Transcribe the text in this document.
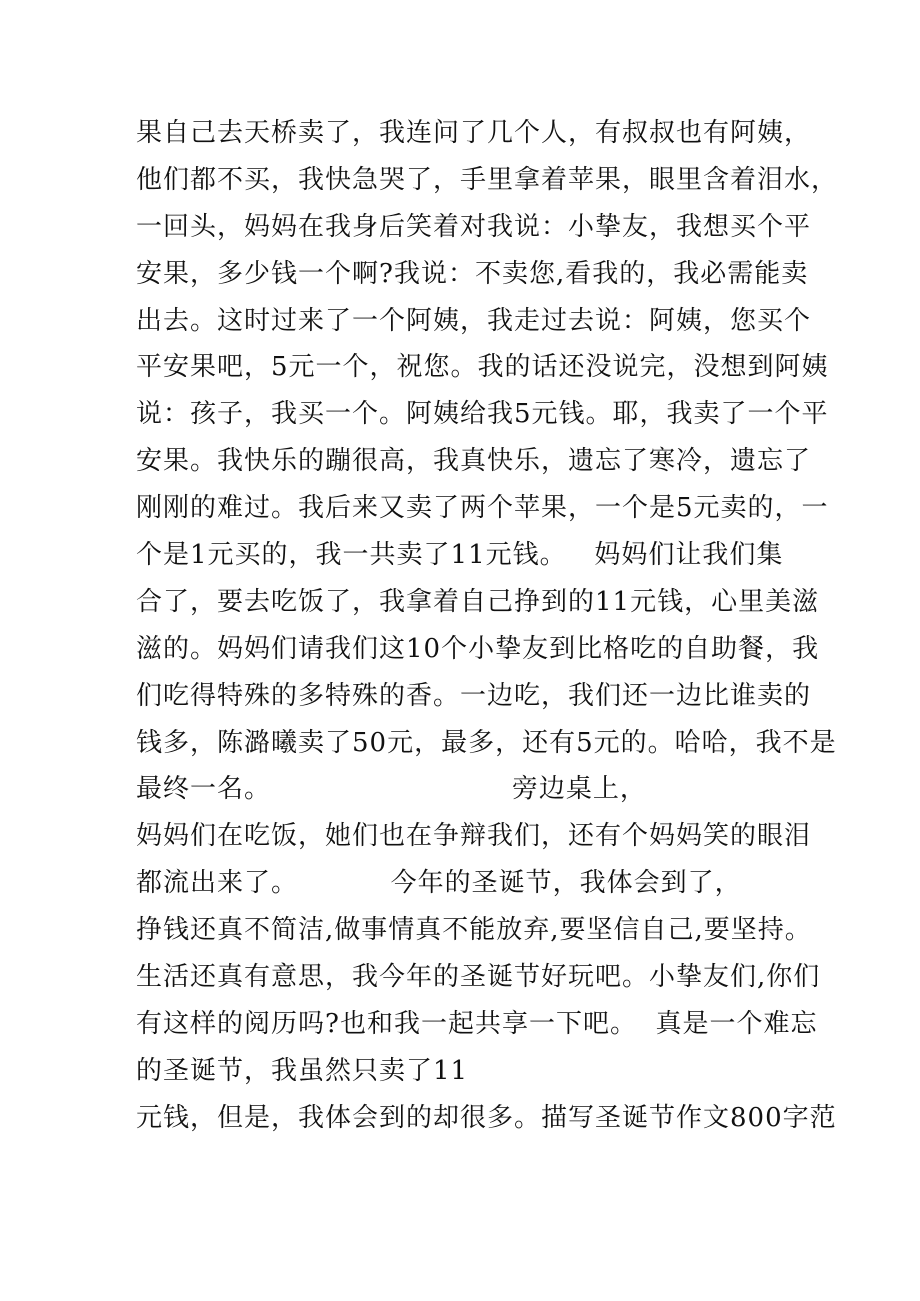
果自己去天桥卖了，我连问了几个人，有叔叔也有阿姨，
他们都不买，我快急哭了，手里拿着苹果，眼里含着泪水，
一回头，妈妈在我身后笑着对我说：小挚友，我想买个平
安果，多少钱一个啊?我说：不卖您,看我的，我必需能卖
出去。这时过来了一个阿姨，我走过去说：阿姨，您买个
平安果吧，5元一个，祝您。我的话还没说完，没想到阿姨
说：孩子，我买一个。阿姨给我5元钱。耶，我卖了一个平
安果。我快乐的蹦很高，我真快乐，遗忘了寒冷，遗忘了
刚刚的难过。我后来又卖了两个苹果，一个是5元卖的，一
个是1元买的，我一共卖了11元钱。   妈妈们让我们集
合了，要去吃饭了，我拿着自己挣到的11元钱，心里美滋
滋的。妈妈们请我们这10个小挚友到比格吃的自助餐，我
们吃得特殊的多特殊的香。一边吃，我们还一边比谁卖的
钱多，陈潞曦卖了50元，最多，还有5元的。哈哈，我不是
最终一名。                          旁边桌上，
妈妈们在吃饭，她们也在争辩我们，还有个妈妈笑的眼泪
都流出来了。          今年的圣诞节，我体会到了，
挣钱还真不简洁,做事情真不能放弃,要坚信自己,要坚持。
生活还真有意思，我今年的圣诞节好玩吧。小挚友们,你们
有这样的阅历吗?也和我一起共享一下吧。  真是一个难忘
的圣诞节，我虽然只卖了11
元钱，但是，我体会到的却很多。描写圣诞节作文800字范
